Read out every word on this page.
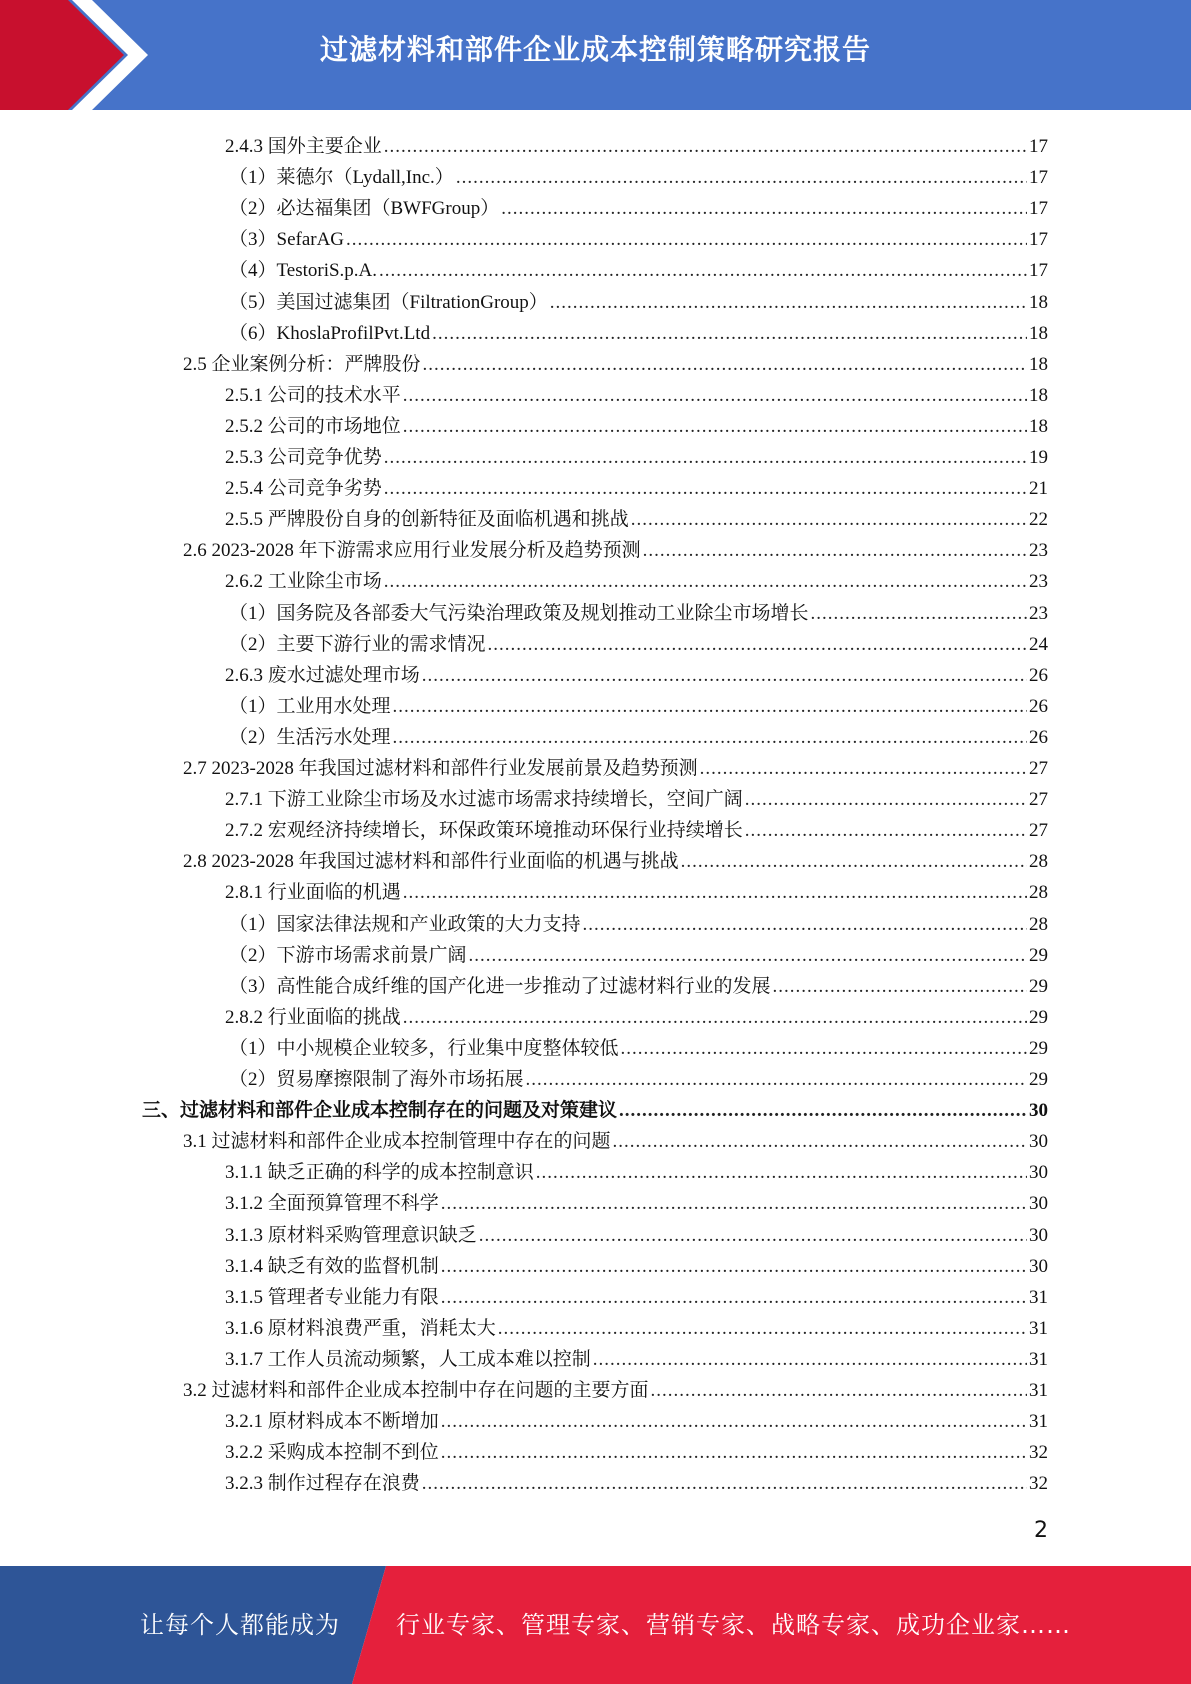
过滤材料和部件企业成本控制策略研究报告
2.4.3 国外主要企业 .....	17
（1）莱德尔（Lydall,Inc.） .....	17
（2）必达福集团（BWFGroup） .....	17
（3）SefarAG .....	17
（4）TestoriS.p.A. .....	17
（5）美国过滤集团（FiltrationGroup） .....	18
（6）KhoslaProfilPvt.Ltd .....	18
2.5 企业案例分析：严牌股份 .....	18
2.5.1 公司的技术水平 .....	18
2.5.2 公司的市场地位 .....	18
2.5.3 公司竞争优势 .....	19
2.5.4 公司竞争劣势 .....	21
2.5.5 严牌股份自身的创新特征及面临机遇和挑战 .....	22
2.6 2023-2028 年下游需求应用行业发展分析及趋势预测 .....	23
2.6.2 工业除尘市场 .....	23
（1）国务院及各部委大气污染治理政策及规划推动工业除尘市场增长 .....	23
（2）主要下游行业的需求情况 .....	24
2.6.3 废水过滤处理市场 .....	26
（1）工业用水处理 .....	26
（2）生活污水处理 .....	26
2.7 2023-2028 年我国过滤材料和部件行业发展前景及趋势预测 .....	27
2.7.1 下游工业除尘市场及水过滤市场需求持续增长，空间广阔 .....	27
2.7.2 宏观经济持续增长，环保政策环境推动环保行业持续增长 .....	27
2.8 2023-2028 年我国过滤材料和部件行业面临的机遇与挑战 .....	28
2.8.1 行业面临的机遇 .....	28
（1）国家法律法规和产业政策的大力支持 .....	28
（2）下游市场需求前景广阔 .....	29
（3）高性能合成纤维的国产化进一步推动了过滤材料行业的发展 .....	29
2.8.2 行业面临的挑战 .....	29
（1）中小规模企业较多，行业集中度整体较低 .....	29
（2）贸易摩擦限制了海外市场拓展 .....	29
三、过滤材料和部件企业成本控制存在的问题及对策建议 .....	30
3.1 过滤材料和部件企业成本控制管理中存在的问题 .....	30
3.1.1 缺乏正确的科学的成本控制意识 .....	30
3.1.2 全面预算管理不科学 .....	30
3.1.3 原材料采购管理意识缺乏 .....	30
3.1.4 缺乏有效的监督机制 .....	30
3.1.5 管理者专业能力有限 .....	31
3.1.6 原材料浪费严重，消耗太大 .....	31
3.1.7 工作人员流动频繁，人工成本难以控制 .....	31
3.2 过滤材料和部件企业成本控制中存在问题的主要方面 .....	31
3.2.1 原材料成本不断增加 .....	31
3.2.2 采购成本控制不到位 .....	32
3.2.3 制作过程存在浪费 .....	32
2
让每个人都能成为 行业专家、管理专家、营销专家、战略专家、成功企业家……
